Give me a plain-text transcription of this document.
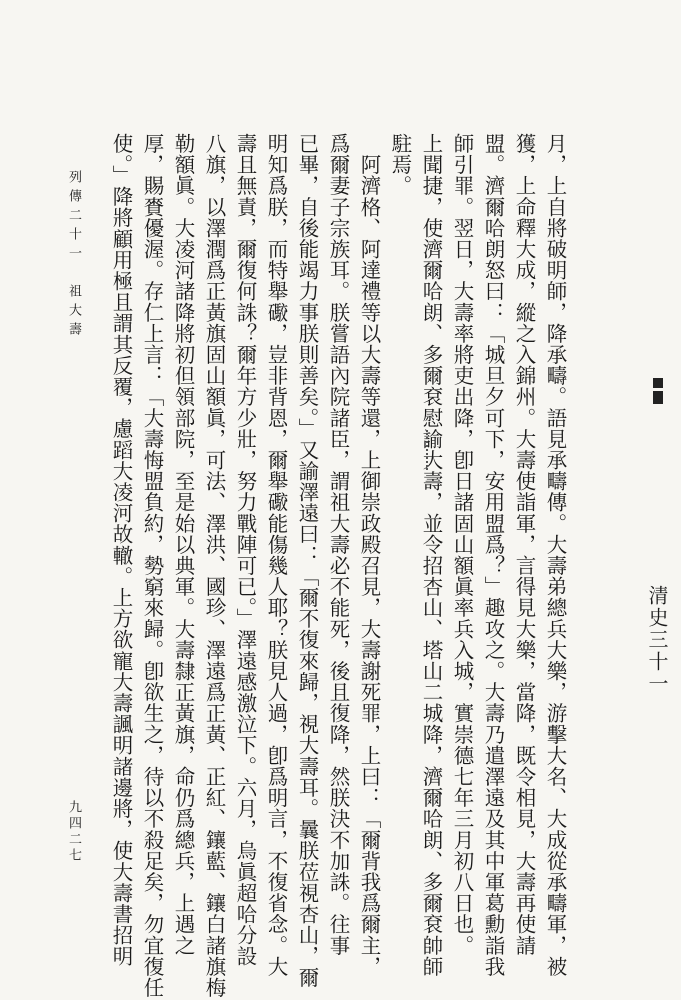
清史三十一
月，上自將破明師，降承疇。語見承疇傳。大壽弟總兵大樂，游擊大名、大成從承疇軍，被
獲，上命釋大成，縱之入錦州。大壽使詣軍，言得見大樂，當降，既令相見，大壽再使請
盟。濟爾哈朗怒曰：「城旦夕可下，安用盟爲？」趣攻之。大壽乃遣澤遠及其中軍葛勳詣我
師引罪。翌日，大壽率將吏出降，卽日諸固山額眞率兵入城，實崇德七年三月初八日也。
上聞捷，使濟爾哈朗、多爾袞慰諭大壽，並令招杏山、塔山二城降，濟爾哈朗、多爾袞帥師
駐焉。
　阿濟格、阿達禮等以大壽等還，上御崇政殿召見，大壽謝死罪，上曰：「爾背我爲爾主，
爲爾妻子宗族耳。朕嘗語內院諸臣，謂祖大壽必不能死，後且復降，然朕決不加誅。往事
已畢，自後能竭力事朕則善矣。」又諭澤遠曰：「爾不復來歸，視大壽耳。曩朕莅視杏山，爾
明知爲朕，而特舉礮，豈非背恩，爾舉礮能傷幾人耶？朕見人過，卽爲明言，不復省念。大
壽且無責，爾復何誅？爾年方少壯，努力戰陣可已。」澤遠感激泣下。六月，烏眞超哈分設
八旗，以澤潤爲正黃旗固山額眞，可法、澤洪、國珍、澤遠爲正黃、正紅、鑲藍、鑲白諸旗梅
勒額眞。大凌河諸降將初但領部院，至是始以典軍。大壽隸正黃旗，命仍爲總兵，上遇之
厚，賜賚優渥。存仁上言：「大壽悔盟負約，勢窮來歸。卽欲生之，待以不殺足矣，勿宜復任
使。」降將顧用極且謂其反覆，慮蹈大凌河故轍。上方欲寵大壽諷明諸邊將，使大壽書招明
列傳二十一　祖大壽
九四二七
